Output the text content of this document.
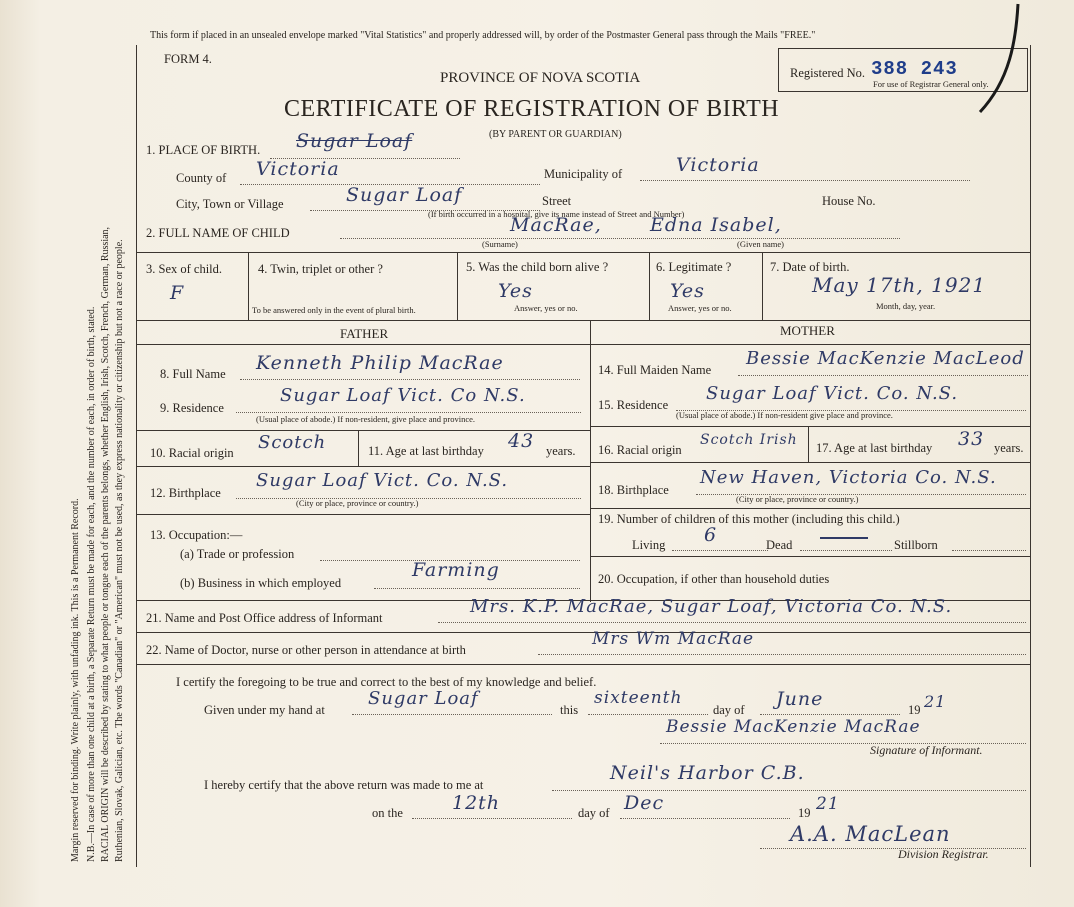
Margin reserved for binding. Write plainly, with unfading ink. This is a Permanent Record. N.B.—In case of more than one child at a birth, a Separate Return must be made for each, and the number of each, in order of birth, stated. RACIAL ORIGIN will be described by stating to what people or tongue each of the parents belongs, whether English, Irish, Scotch, French, German, Russian, Ruthenian, Slovak, Galician, etc. The words "Canadian" or "American" must not be used, as they express nationality or citizenship but not a race or people.
This form if placed in an unsealed envelope marked "Vital Statistics" and properly addressed will, by order of the Postmaster General pass through the Mails "FREE."
FORM 4.
PROVINCE OF NOVA SCOTIA
CERTIFICATE OF REGISTRATION OF BIRTH
(BY PARENT OR GUARDIAN)
Registered No. 388 243
For use of Registrar General only.
1. PLACE OF BIRTH. Sugar Loaf
County of Victoria	Municipality of	Victoria
City, Town or Village	Sugar Loaf	Street	House No.
(If birth occurred in a hospital, give its name instead of Street and Number)
2. FULL NAME OF CHILD	MacRae,	Edna Isabel,
(Surname)	(Given name)
3. Sex of child.
F
4. Twin, triplet or other ?
To be answered only in the event of plural birth.
5. Was the child born alive ?
Yes
Answer, yes or no.
6. Legitimate ?
Yes
Answer, yes or no.
7. Date of birth.
May 17th, 1921
Month, day, year.
FATHER	MOTHER
8. Full Name Kenneth Philip MacRae
9. Residence
Sugar Loaf Vict. Co N.S.
(Usual place of abode.) If non-resident, give place and province.
10. Racial origin Scotch	11. Age at last birthday 43 years.
12. Birthplace
Sugar Loaf Vict. Co. N.S.
(City or place, province or country.)
13. Occupation:—
(a) Trade or profession
(b) Business in which employed
Farming
14. Full Maiden Name
Bessie MacKenzie MacLeod
15. Residence
Sugar Loaf Vict. Co. N.S.
(Usual place of abode.) If non-resident give place and province.
16. Racial origin
Scotch Irish 17. Age at last birthday 33 years.
18. Birthplace
New Haven, Victoria Co. N.S.
(City or place, province or country.)
19. Number of children of this mother (including this child.)
Living 6	Dead	Stillborn
20. Occupation, if other than household duties
21. Name and Post Office address of Informant
Mrs. K.P. MacRae, Sugar Loaf, Victoria Co. N.S.
22. Name of Doctor, nurse or other person in attendance at birth
Mrs Wm MacRae
I certify the foregoing to be true and correct to the best of my knowledge and belief.
Given under my hand at
Sugar Loaf
this
sixteenth
day of June	19 21
Bessie MacKenzie MacRae
Signature of Informant.
I hereby certify that the above return was made to me at
Neil's Harbor C.B.
on the	12th	day of Dec	19 21
A.A. MacLean
Division Registrar.
